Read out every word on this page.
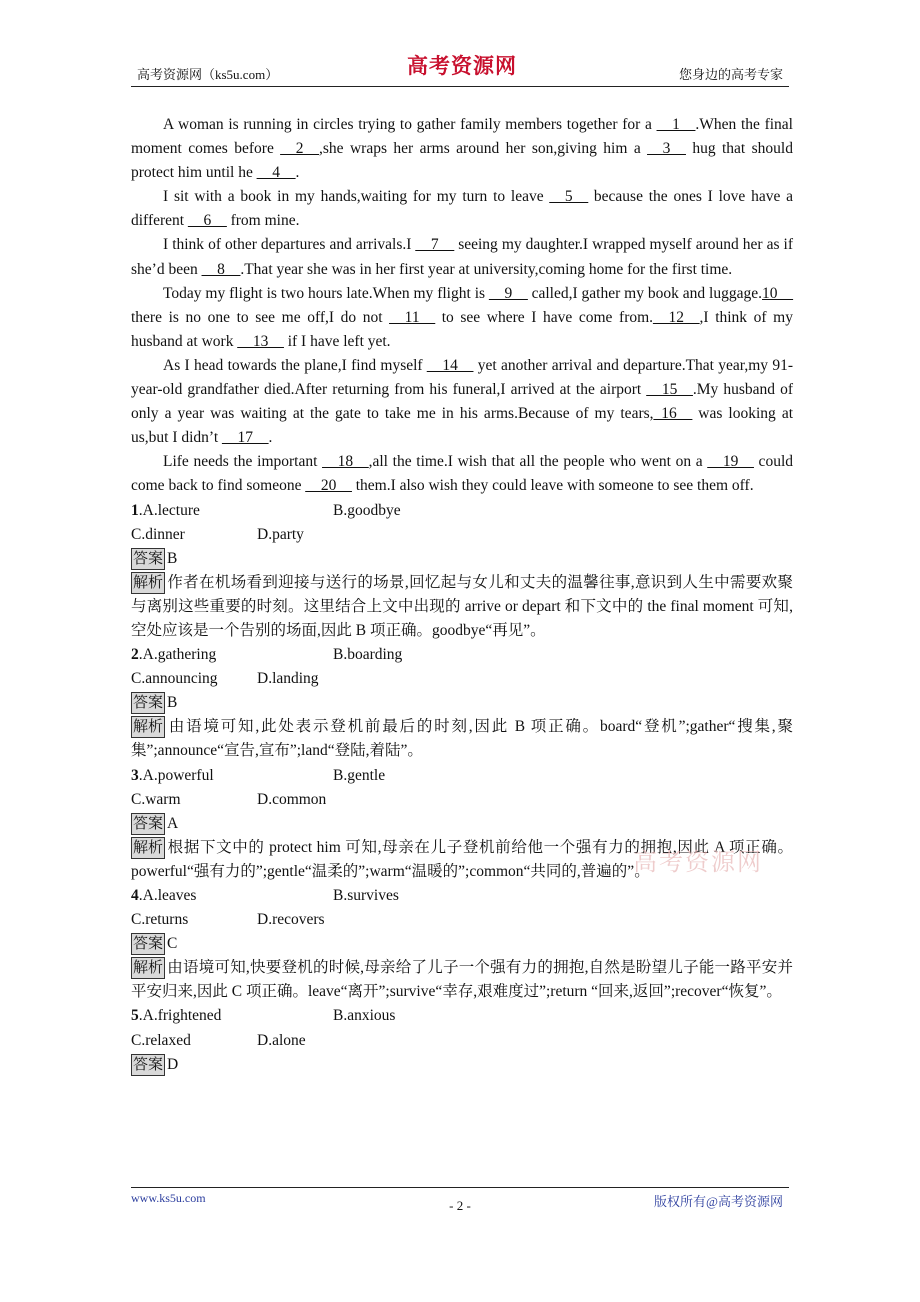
高考资源网（ks5u.com）	高考资源网	您身边的高考专家

A woman is running in circles trying to gather family members together for a __1__.When the final moment comes before __2__,she wraps her arms around her son,giving him a __3__ hug that should protect him until he __4__.

I sit with a book in my hands,waiting for my turn to leave __5__ because the ones I love have a different __6__ from mine.

I think of other departures and arrivals.I __7__ seeing my daughter.I wrapped myself around her as if she’d been __8__.That year she was in her first year at university,coming home for the first time.

Today my flight is two hours late.When my flight is __9__ called,I gather my book and luggage.10__ there is no one to see me off,I do not __11__ to see where I have come from.__12__,I think of my husband at work __13__ if I have left yet.

As I head towards the plane,I find myself __14__ yet another arrival and departure.That year,my 91-year-old grandfather died.After returning from his funeral,I arrived at the airport __15__.My husband of only a year was waiting at the gate to take me in his arms.Because of my tears,_16__ was looking at us,but I didn’t __17__.

Life needs the important __18__,all the time.I wish that all the people who went on a __19__ could come back to find someone __20__ them.I also wish they could leave with someone to see them off.

1.A.lecture	B.goodbye
C.dinner	D.party
答案 B

解析 作者在机场看到迎接与送行的场景,回忆起与女儿和丈夫的温馨往事,意识到人生中需要欢聚与离别这些重要的时刻。这里结合上文中出现的 arrive or depart 和下文中的 the final moment 可知,空处应该是一个告别的场面,因此 B 项正确。goodbye“再见”。

2.A.gathering	B.boarding
C.announcing	D.landing
答案 B

解析 由语境可知,此处表示登机前最后的时刻,因此 B 项正确。board“登机”;gather“搜集,聚集”;announce“宣告,宣布”;land“登陆,着陆”。

3.A.powerful	B.gentle
C.warm	D.common
答案 A

解析 根据下文中的 protect him 可知,母亲在儿子登机前给他一个强有力的拥抱,因此 A 项正确。powerful“强有力的”;gentle“温柔的”;warm“温暖的”;common“共同的,普遍的”。

4.A.leaves	B.survives
C.returns	D.recovers
答案 C

解析 由语境可知,快要登机的时候,母亲给了儿子一个强有力的拥抱,自然是盼望儿子能一路平安并平安归来,因此 C 项正确。leave“离开”;survive“幸存,艰难度过”;return “回来,返回”;recover“恢复”。

5.A.frightened	B.anxious
C.relaxed	D.alone
答案 D
高考资源网
www.ks5u.com	版权所有@高考资源网
- 2 -
